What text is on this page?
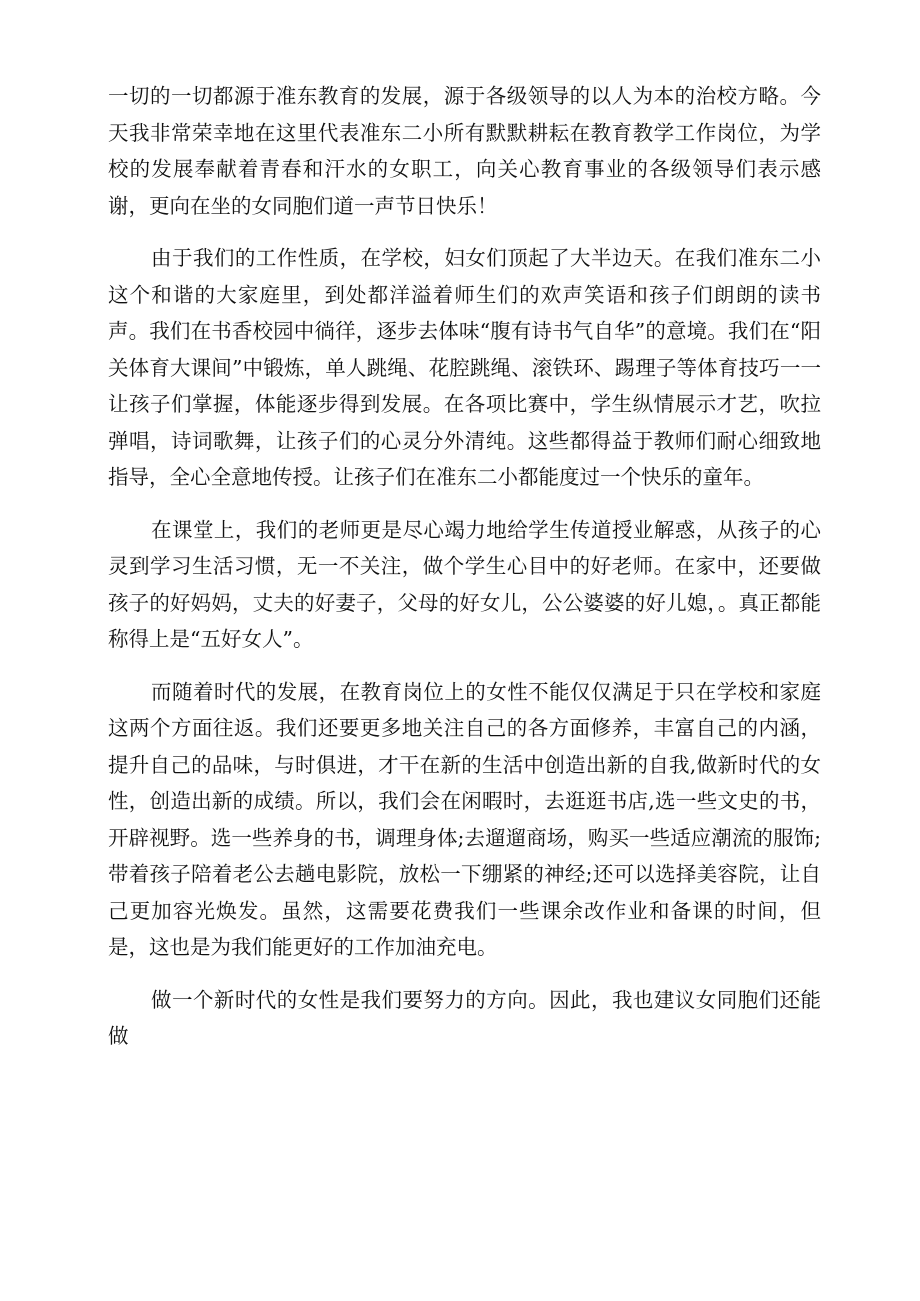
一切的一切都源于准东教育的发展，源于各级领导的以人为本的治校方略。今天我非常荣幸地在这里代表准东二小所有默默耕耘在教育教学工作岗位，为学校的发展奉献着青春和汗水的女职工，向关心教育事业的各级领导们表示感谢，更向在坐的女同胞们道一声节日快乐！

由于我们的工作性质，在学校，妇女们顶起了大半边天。在我们准东二小这个和谐的大家庭里，到处都洋溢着师生们的欢声笑语和孩子们朗朗的读书声。我们在书香校园中徜徉，逐步去体味“腹有诗书气自华”的意境。我们在“阳关体育大课间”中锻炼，单人跳绳、花腔跳绳、滚铁环、踢理子等体育技巧一一让孩子们掌握，体能逐步得到发展。在各项比赛中，学生纵情展示才艺，吹拉弹唱，诗词歌舞，让孩子们的心灵分外清纯。这些都得益于教师们耐心细致地指导，全心全意地传授。让孩子们在准东二小都能度过一个快乐的童年。

在课堂上，我们的老师更是尽心竭力地给学生传道授业解惑，从孩子的心灵到学习生活习惯，无一不关注，做个学生心目中的好老师。在家中，还要做孩子的好妈妈，丈夫的好妻子，父母的好女儿，公公婆婆的好儿媳，。真正都能称得上是“五好女人”。

而随着时代的发展，在教育岗位上的女性不能仅仅满足于只在学校和家庭这两个方面往返。我们还要更多地关注自己的各方面修养，丰富自己的内涵，提升自己的品味，与时俱进，才干在新的生活中创造出新的自我,做新时代的女性，创造出新的成绩。所以，我们会在闲暇时，去逛逛书店,选一些文史的书，开辟视野。选一些养身的书，调理身体;去遛遛商场，购买一些适应潮流的服饰;带着孩子陪着老公去趟电影院，放松一下绷紧的神经;还可以选择美容院，让自己更加容光焕发。虽然，这需要花费我们一些课余改作业和备课的时间，但是，这也是为我们能更好的工作加油充电。

做一个新时代的女性是我们要努力的方向。因此，我也建议女同胞们还能做
